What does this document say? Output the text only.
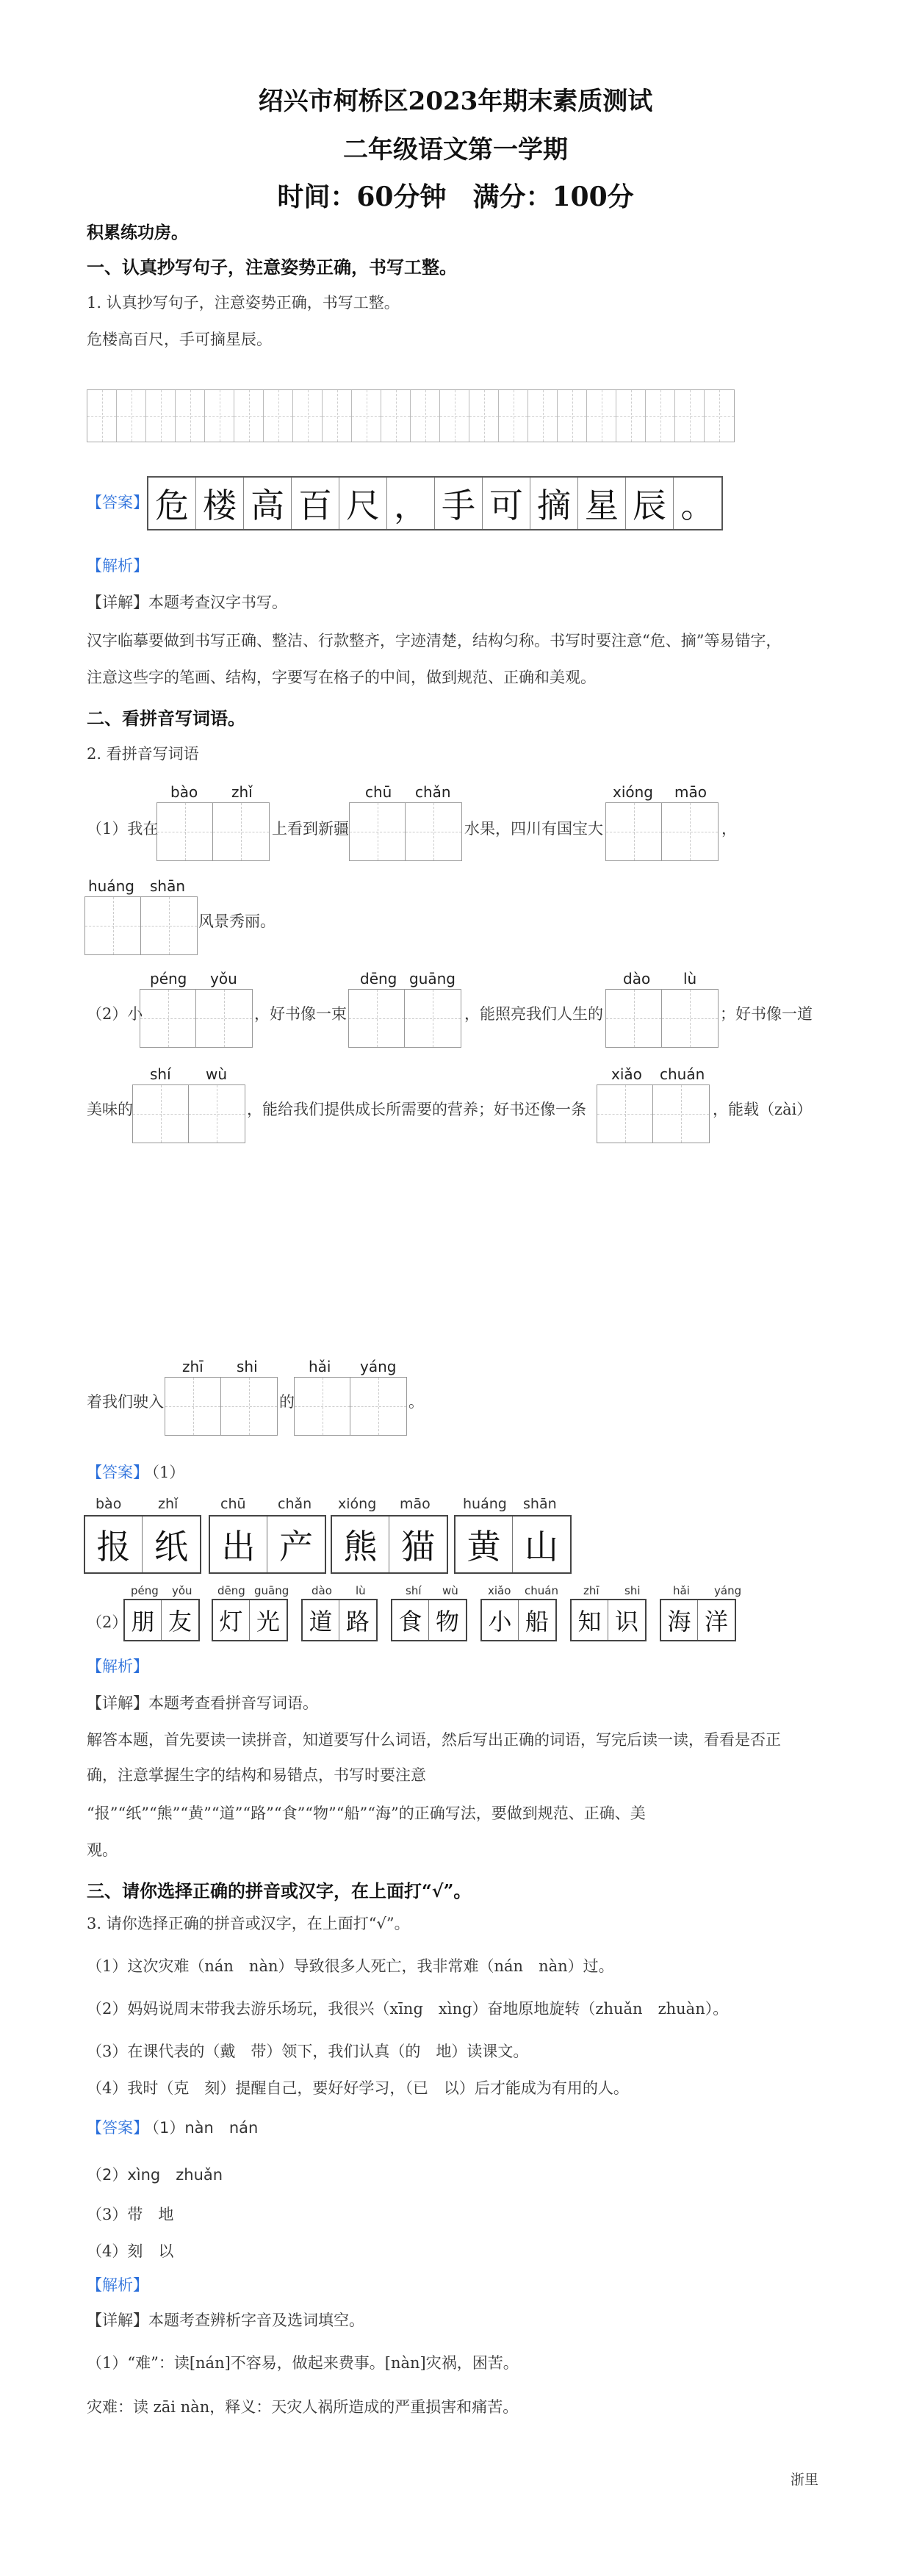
绍兴市柯桥区2023年期末素质测试
二年级语文第一学期
时间：60分钟　满分：100分
积累练功房。
一、认真抄写句子，注意姿势正确，书写工整。
1. 认真抄写句子，注意姿势正确，书写工整。
危楼高百尺，手可摘星辰。
【答案】 危 楼 高 百 尺 ， 手 可 摘 星 辰 。
【解析】
【详解】本题考查汉字书写。
汉字临摹要做到书写正确、整洁、行款整齐，字迹清楚，结构匀称。书写时要注意“危、摘”等易错字，
注意这些字的笔画、结构，字要写在格子的中间，做到规范、正确和美观。
二、看拼音写词语。
2. 看拼音写词语
（1）我在
bào zhǐ
上看到新疆
chū chǎn
水果，四川有国宝大
xióng māo
，
huáng shān
风景秀丽。
（2）小
péng yǒu
，好书像一束
dēng guāng
，能照亮我们人生的
dào lù
；好书像一道
美味的
shí wù
，能给我们提供成长所需要的营养；好书还像一条
xiǎo chuán
，能载（zài）
着我们驶入
zhī shi
的
hǎi yáng
。
【答案】
（1）
bào	zhǐ
报 纸
chū chǎn
出 产
xióng māo
熊 猫
huáng shān
黄 山
（2）
péng yǒu
朋 友
dēng guāng
灯 光
dào lù
道 路
shí wù
食 物
xiǎo chuán
小 船
zhī shi
知 识
hǎi yáng
海 洋
【解析】
【详解】本题考查看拼音写词语。
解答本题，首先要读一读拼音，知道要写什么词语，然后写出正确的词语，写完后读一读，看看是否正
确，注意掌握生字的结构和易错点，书写时要注意
“报”“纸”“熊”“黄”“道”“路”“食”“物”“船”“海”的正确写法，要做到规范、正确、美
观。
三、请你选择正确的拼音或汉字，在上面打“√”。
3. 请你选择正确的拼音或汉字，在上面打“√”。
（1）这次灾难（nán　nàn）导致很多人死亡，我非常难（nán　nàn）过。
（2）妈妈说周末带我去游乐场玩，我很兴（xīng　xìng）奋地原地旋转（zhuǎn　zhuàn）。
（3）在课代表的（戴　带）领下，我们认真（的　地）读课文。
（4）我时（克　刻）提醒自己，要好好学习，（已　以）后才能成为有用的人。
【答案】
（1）nàn　nán
（2）xìng　zhuǎn
（3）带　地
（4）刻　以
【解析】
【详解】本题考查辨析字音及选词填空。
（1）“难”：读[nán]不容易，做起来费事。[nàn]灾祸，困苦。
灾难：读 zāi nàn，释义：天灾人祸所造成的严重损害和痛苦。
浙里
